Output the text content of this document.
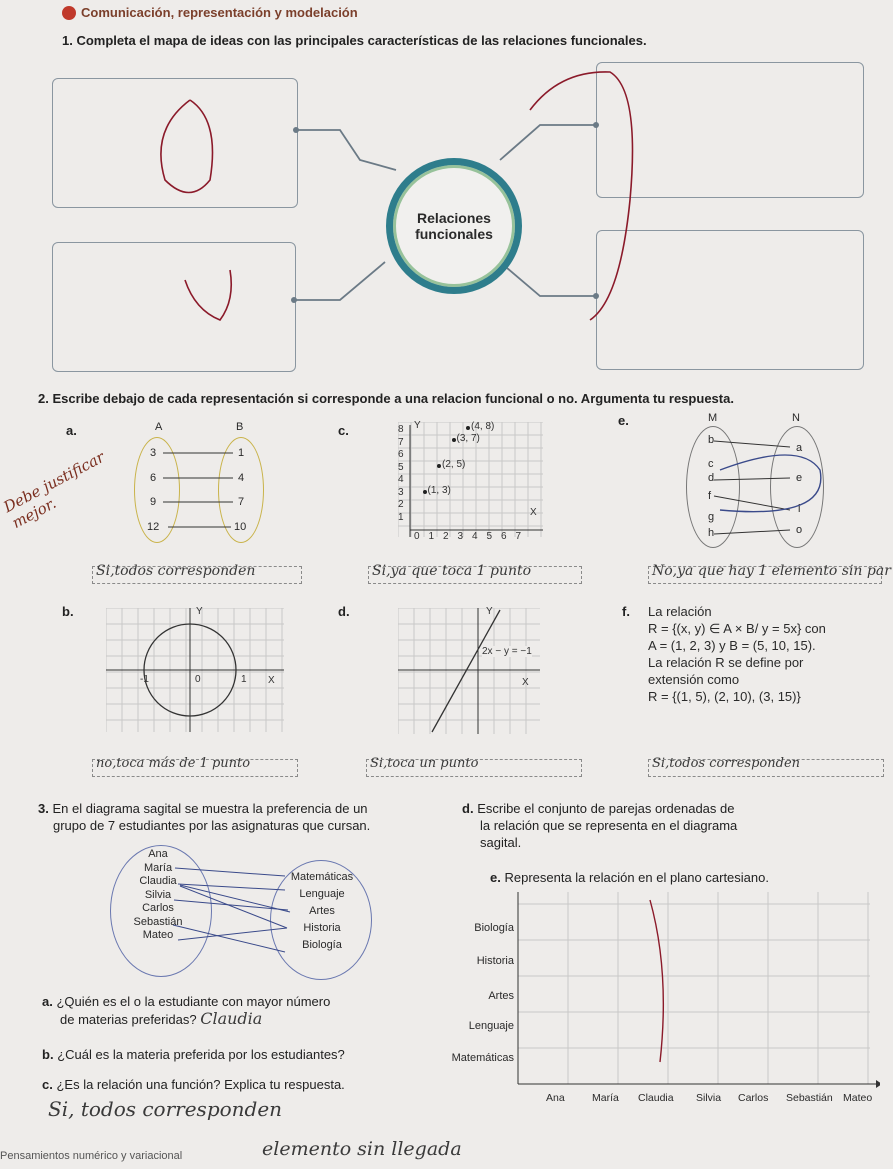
Comunicación, representación y modelación
1. Completa el mapa de ideas con las principales características de las relaciones funcionales.
Relaciones
funcionales
2. Escribe debajo de cada representación si corresponde a una relacion funcional o no. Argumenta tu respuesta.
a.	A	B
3
6
9
12
1
4
7
10
Debe justificar mejor.
Si,todos corresponden
c.	Y
X
8
7
6
5
4
3
2
1
0 1 2 3 4 5 6 7
(4, 8)
(3, 7)
(2, 5)
(1, 3)
Si,ya que toca 1 punto
e.	M	N
b
c
d
f
g
h
a
e
i
o
No,ya que hay 1 elemento sin par
b.	Y
X
-1	0	1
no,toca más de 1 punto
d.	Y
X
2x − y = −1
Si,toca un punto
f. La relación
R = {(x, y) ∈ A × B/ y = 5x} con
A = (1, 2, 3) y B = (5, 10, 15).
La relación R se define por
extensión como
R = {(1, 5), (2, 10), (3, 15)}
Si,todos corresponden
3. En el diagrama sagital se muestra la preferencia de un
grupo de 7 estudiantes por las asignaturas que cursan.
Ana
María
Claudia
Silvia
Carlos
Sebastián
Mateo
Matemáticas
Lenguaje
Artes
Historia
Biología
a. ¿Quién es el o la estudiante con mayor número
de materias preferidas? Claudia
b. ¿Cuál es la materia preferida por los estudiantes?
c. ¿Es la relación una función? Explica tu respuesta.
Si, todos corresponden
elemento sin llegada
d. Escribe el conjunto de parejas ordenadas de
la relación que se representa en el diagrama
sagital.
e. Representa la relación en el plano cartesiano.
Biología
Historia
Artes
Lenguaje
Matemáticas
Ana	María Claudia Silvia Carlos Sebastián Mateo
Pensamientos numérico y variacional
